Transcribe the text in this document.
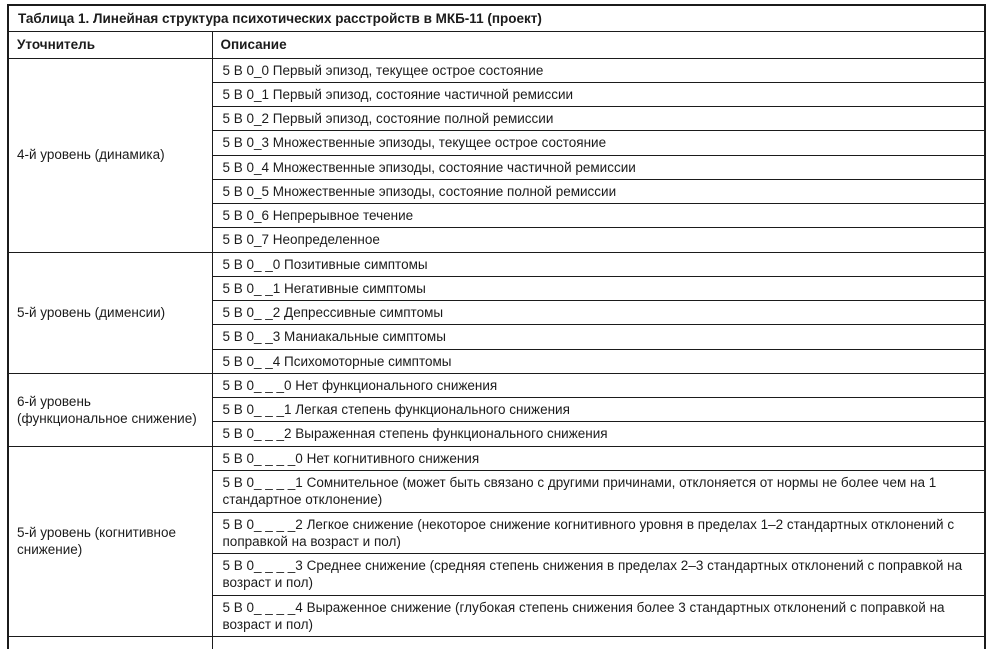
Таблица 1. Линейная структура психотических расстройств в МКБ-11 (проект)	
Уточнитель	Описание
4-й уровень (динамика)	5 B 0_0 Первый эпизод, текущее острое состояние
	5 B 0_1 Первый эпизод, состояние частичной ремиссии
	5 B 0_2 Первый эпизод, состояние полной ремиссии
	5 B 0_3 Множественные эпизоды, текущее острое состояние
	5 B 0_4 Множественные эпизоды, состояние частичной ремиссии
	5 B 0_5 Множественные эпизоды, состояние полной ремиссии
	5 B 0_6 Непрерывное течение
	5 B 0_7 Неопределенное
5-й уровень (дименсии)	5 B 0_ _0 Позитивные симптомы
	5 B 0_ _1 Негативные симптомы
	5 B 0_ _2 Депрессивные симптомы
	5 B 0_ _3 Маниакальные симптомы
	5 B 0_ _4 Психомоторные симптомы
6-й уровень (функциональное снижение)	5 B 0_ _ _0 Нет функционального снижения
	5 B 0_ _ _1 Легкая степень функционального снижения
	5 B 0_ _ _2 Выраженная степень функционального снижения
5-й уровень (когнитивное снижение)	5 B 0_ _ _ _0 Нет когнитивного снижения
	5 B 0_ _ _ _1 Сомнительное (может быть связано с другими причинами, отклоняется от нормы не более чем на 1 стандартное отклонение)
	5 B 0_ _ _ _2 Легкое снижение (некоторое снижение когнитивного уровня в пределах 1–2 стандартных отклонений с поправкой на возраст и пол)
	5 B 0_ _ _ _3 Среднее снижение (средняя степень снижения в пределах 2–3 стандартных отклонений с поправкой на возраст и пол)
	5 B 0_ _ _ _4 Выраженное снижение (глубокая степень снижения более 3 стандартных отклонений с поправкой на возраст и пол)
